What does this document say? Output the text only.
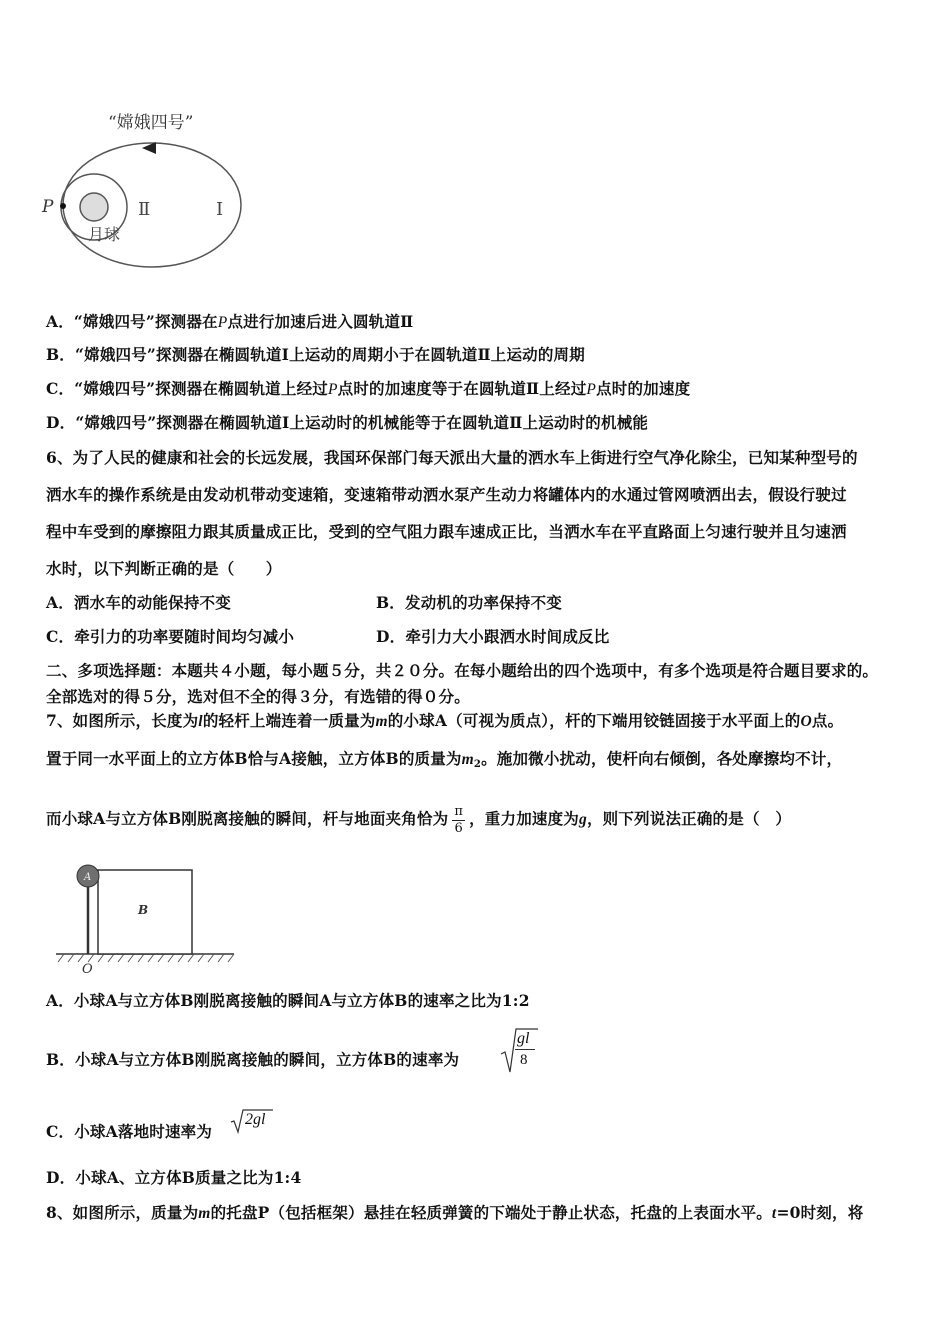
“嫦娥四号”
P	Ⅱ	Ⅰ
月球
A．“嫦娥四号”探测器在P点进行加速后进入圆轨道Ⅱ
B．“嫦娥四号”探测器在椭圆轨道Ⅰ上运动的周期小于在圆轨道Ⅱ上运动的周期
C．“嫦娥四号”探测器在椭圆轨道上经过P点时的加速度等于在圆轨道Ⅱ上经过P点时的加速度
D．“嫦娥四号”探测器在椭圆轨道Ⅰ上运动时的机械能等于在圆轨道Ⅱ上运动时的机械能
6、为了人民的健康和社会的长远发展，我国环保部门每天派出大量的洒水车上街进行空气净化除尘，已知某种型号的
洒水车的操作系统是由发动机带动变速箱，变速箱带动洒水泵产生动力将罐体内的水通过管网喷洒出去，假设行驶过
程中车受到的摩擦阻力跟其质量成正比，受到的空气阻力跟车速成正比，当洒水车在平直路面上匀速行驶并且匀速洒
水时，以下判断正确的是（　　）
A．洒水车的动能保持不变	B．发动机的功率保持不变
C．牵引力的功率要随时间均匀减小	D．牵引力大小跟洒水时间成反比
二、多项选择题：本题共４小题，每小题５分，共２０分。在每小题给出的四个选项中，有多个选项是符合题目要求的。
全部选对的得５分，选对但不全的得３分，有选错的得０分。
7、如图所示，长度为l的轻杆上端连着一质量为m的小球A（可视为质点），杆的下端用铰链固接于水平面上的O点。
置于同一水平面上的立方体B恰与A接触，立方体B的质量为$m_2$。施加微小扰动，使杆向右倾倒，各处摩擦均不计，
而小球A与立方体B刚脱离接触的瞬间，杆与地面夹角恰为 $\frac{\pi}{6}$ ，重力加速度为g，则下列说法正确的是（　）
B
A
O
A．小球A与立方体B刚脱离接触的瞬间A与立方体B的速率之比为1:2
B．小球A与立方体B刚脱离接触的瞬间，立方体B的速率为
gl
8
C．小球A落地时速率为
2gl
D．小球A、立方体B质量之比为1:4
8、如图所示，质量为m的托盘P（包括框架）悬挂在轻质弹簧的下端处于静止状态，托盘的上表面水平。t=0时刻，将
